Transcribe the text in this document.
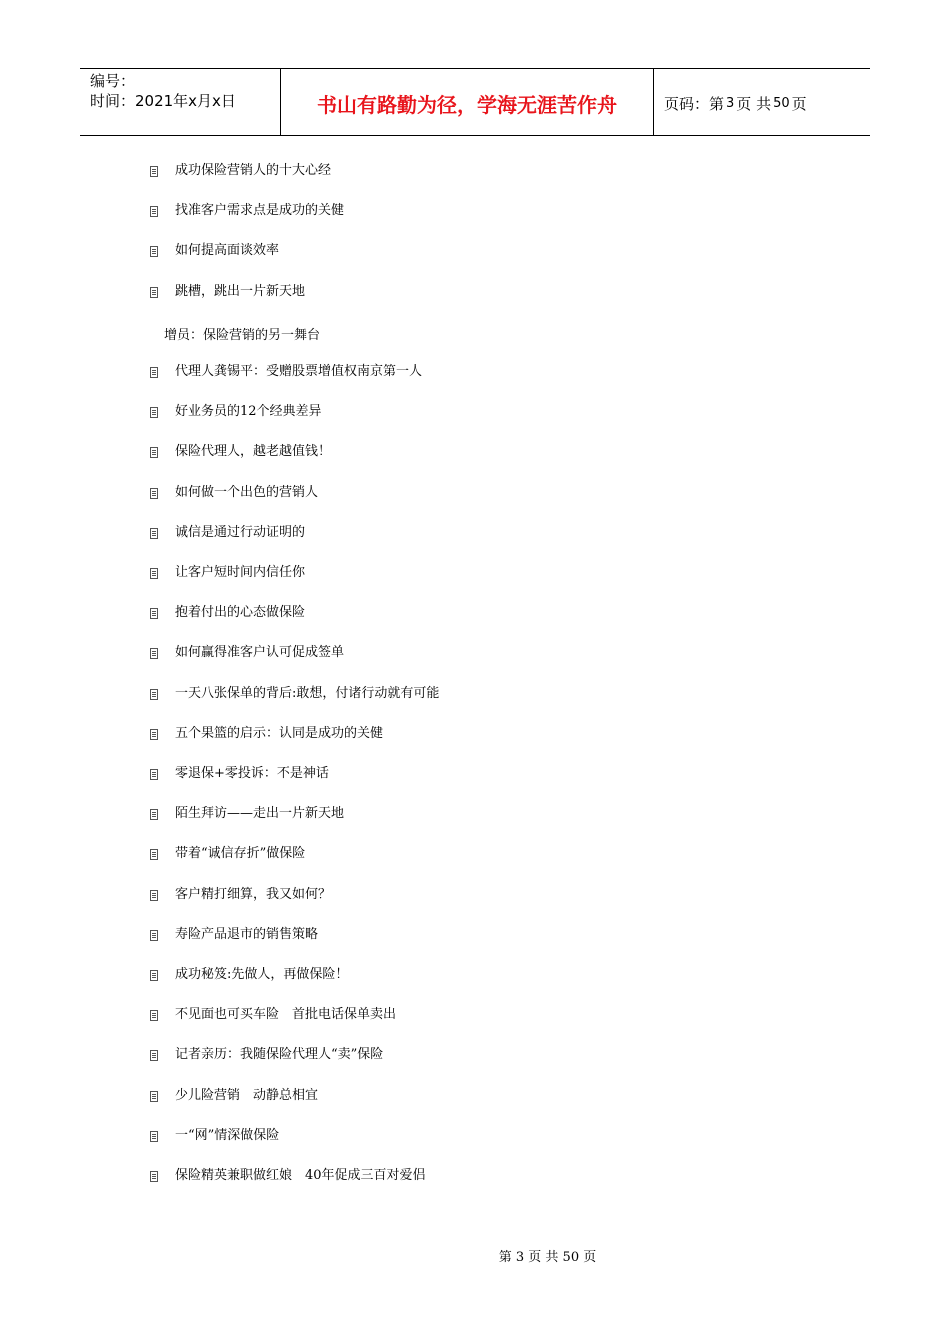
编号：
时间：2021年x月x日	书山有路勤为径，学海无涯苦作舟	页码：第 3 页 共 50 页
成功保险营销人的十大心经
找准客户需求点是成功的关健
如何提高面谈效率
跳槽，跳出一片新天地
增员：保险营销的另一舞台
代理人龚锡平：受赠股票增值权南京第一人
好业务员的12个经典差异
保险代理人，越老越值钱！
如何做一个出色的营销人
诚信是通过行动证明的
让客户短时间内信任你
抱着付出的心态做保险
如何赢得准客户认可促成签单
一天八张保单的背后:敢想，付诸行动就有可能
五个果篮的启示：认同是成功的关健
零退保+零投诉：不是神话
陌生拜访——走出一片新天地
带着“诚信存折”做保险
客户精打细算，我又如何？
寿险产品退市的销售策略
成功秘笈:先做人，再做保险！
不见面也可买车险　首批电话保单卖出
记者亲历：我随保险代理人“卖”保险
少儿险营销　动静总相宜
一“网”情深做保险
保险精英兼职做红娘　40年促成三百对爱侣
第 3 页 共 50 页
